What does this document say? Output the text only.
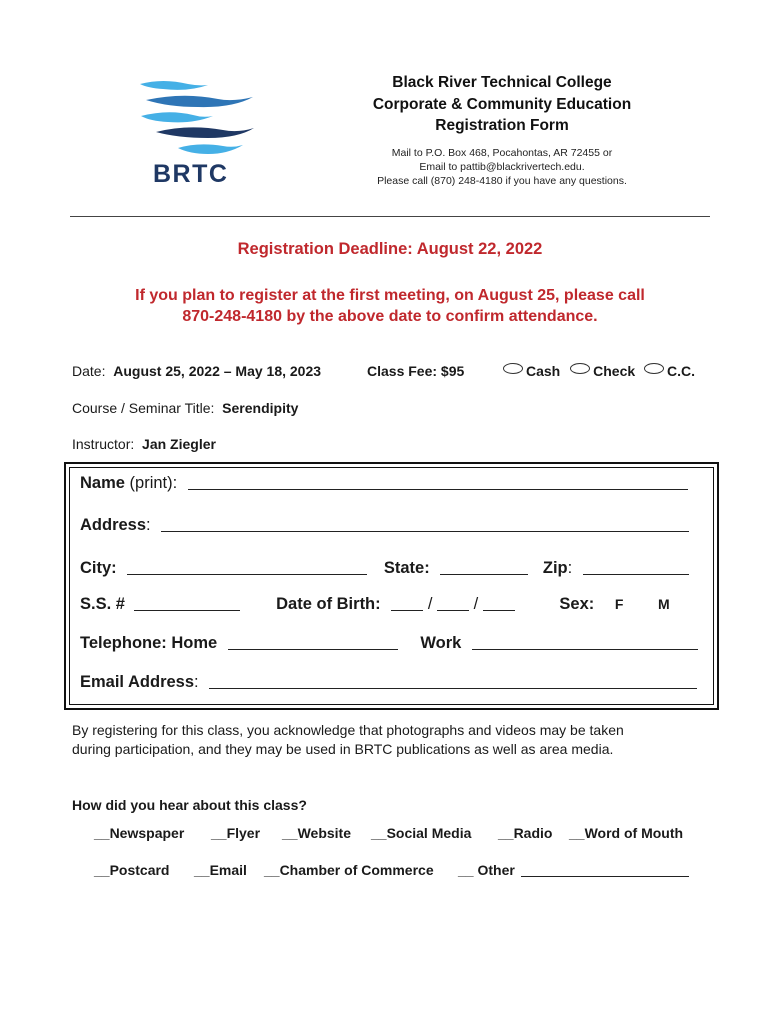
BRTC
Black River Technical College
Corporate & Community Education
Registration Form
Mail to P.O. Box 468, Pocahontas, AR 72455 or
Email to pattib@blackrivertech.edu.
Please call (870) 248-4180 if you have any questions.
Registration Deadline: August 22, 2022
If you plan to register at the first meeting, on August 25, please call
870-248-4180 by the above date to confirm attendance.
Date: August 25, 2022 – May 18, 2023	Class Fee: $95	Cash Check C.C.
Course / Seminar Title: Serendipity
Instructor: Jan Ziegler
Name (print):
Address:
City:	State:	Zip:
S.S. #	Date of Birth:	/ /	Sex: F M
Telephone: Home	Work
Email Address:
By registering for this class, you acknowledge that photographs and videos may be taken
during participation, and they may be used in BRTC publications as well as area media.
How did you hear about this class?
__Newspaper __Flyer __Website __Social Media __Radio __Word of Mouth
__Postcard __Email __Chamber of Commerce __ Other
